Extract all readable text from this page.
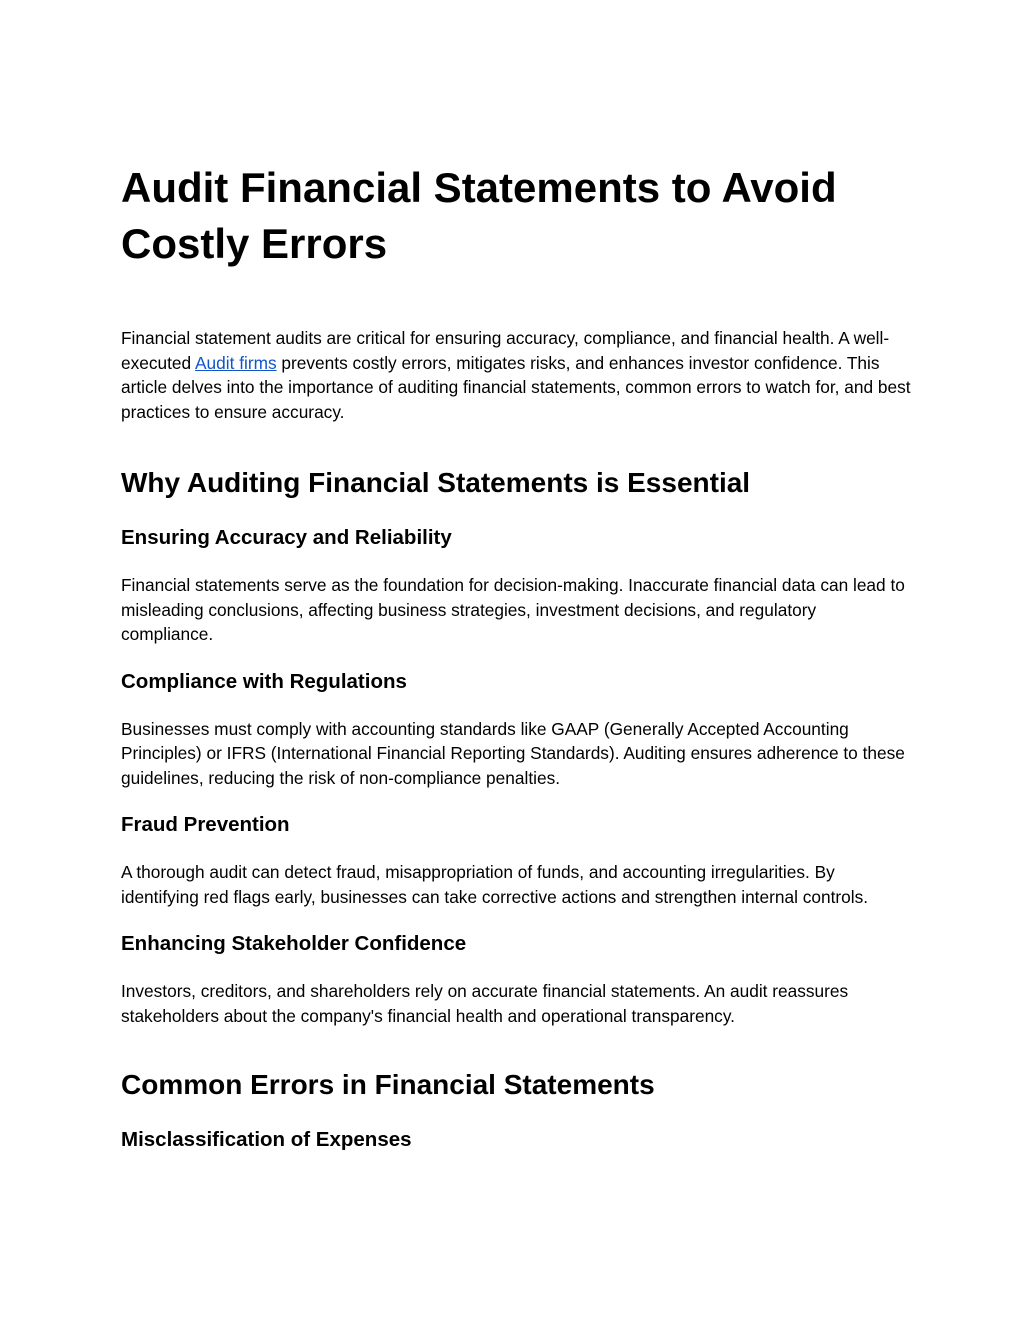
Audit Financial Statements to Avoid Costly Errors

Financial statement audits are critical for ensuring accuracy, compliance, and financial health. A well-executed Audit firms prevents costly errors, mitigates risks, and enhances investor confidence. This article delves into the importance of auditing financial statements, common errors to watch for, and best practices to ensure accuracy.

Why Auditing Financial Statements is Essential
Ensuring Accuracy and Reliability

Financial statements serve as the foundation for decision-making. Inaccurate financial data can lead to misleading conclusions, affecting business strategies, investment decisions, and regulatory compliance.

Compliance with Regulations

Businesses must comply with accounting standards like GAAP (Generally Accepted Accounting Principles) or IFRS (International Financial Reporting Standards). Auditing ensures adherence to these guidelines, reducing the risk of non-compliance penalties.

Fraud Prevention

A thorough audit can detect fraud, misappropriation of funds, and accounting irregularities. By identifying red flags early, businesses can take corrective actions and strengthen internal controls.

Enhancing Stakeholder Confidence

Investors, creditors, and shareholders rely on accurate financial statements. An audit reassures stakeholders about the company's financial health and operational transparency.

Common Errors in Financial Statements
Misclassification of Expenses
